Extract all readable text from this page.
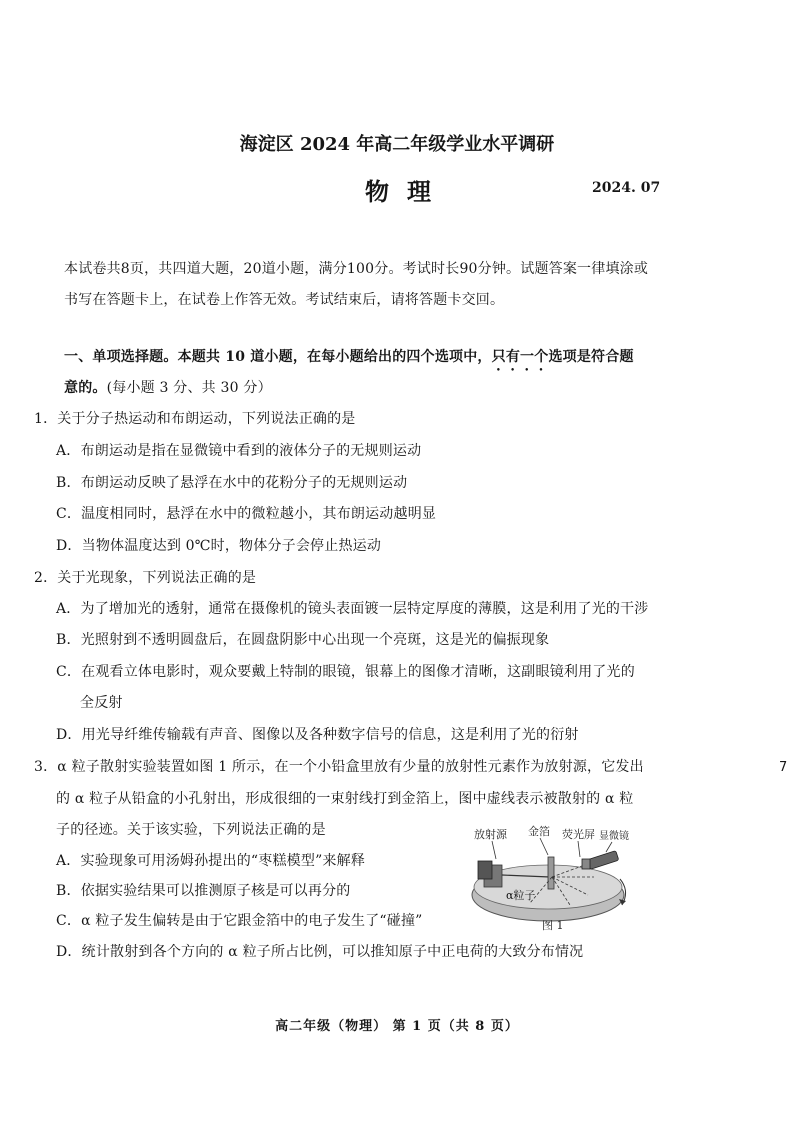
海淀区 2024 年高二年级学业水平调研
物理	2024. 07
本试卷共8页，共四道大题，20道小题，满分100分。考试时长90分钟。试题答案一律填涂或
书写在答题卡上，在试卷上作答无效。考试结束后，请将答题卡交回。
一、单项选择题。本题共 10 道小题，在每小题给出的四个选项中，只有一个选项是符合题
意的。(每小题 3 分、共 30 分）
1．关于分子热运动和布朗运动，下列说法正确的是
A．布朗运动是指在显微镜中看到的液体分子的无规则运动
B．布朗运动反映了悬浮在水中的花粉分子的无规则运动
C．温度相同时，悬浮在水中的微粒越小，其布朗运动越明显
D．当物体温度达到 0℃时，物体分子会停止热运动
2．关于光现象，下列说法正确的是
A．为了增加光的透射，通常在摄像机的镜头表面镀一层特定厚度的薄膜，这是利用了光的干涉
B．光照射到不透明圆盘后，在圆盘阴影中心出现一个亮斑，这是光的偏振现象
C．在观看立体电影时，观众要戴上特制的眼镜，银幕上的图像才清晰，这副眼镜利用了光的
全反射
D．用光导纤维传输载有声音、图像以及各种数字信号的信息，这是利用了光的衍射
3．α 粒子散射实验装置如图 1 所示，在一个小铅盒里放有少量的放射性元素作为放射源，它发出
的 α 粒子从铅盒的小孔射出，形成很细的一束射线打到金箔上，图中虚线表示被散射的 α 粒
子的径迹。关于该实验，下列说法正确的是
A．实验现象可用汤姆孙提出的“枣糕模型”来解释
B．依据实验结果可以推测原子核是可以再分的
C．α 粒子发生偏转是由于它跟金箔中的电子发生了“碰撞”
D．统计散射到各个方向的 α 粒子所占比例，可以推知原子中正电荷的大致分布情况
7
放射源 金箔 荧光屏 显微镜
α粒子
图 1
高二年级（物理） 第 1 页（共 8 页）
